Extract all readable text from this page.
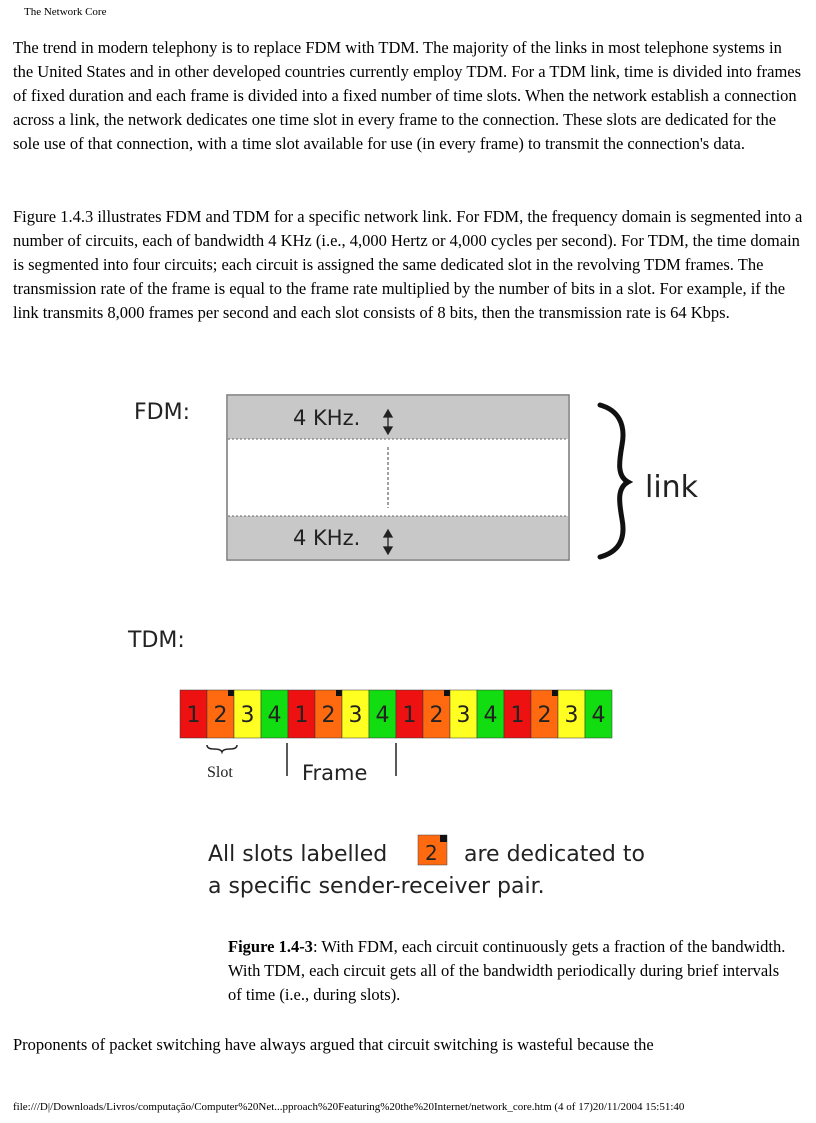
The Network Core

The trend in modern telephony is to replace FDM with TDM. The majority of the links in most telephone systems in the United States and in other developed countries currently employ TDM. For a TDM link, time is divided into frames of fixed duration and each frame is divided into a fixed number of time slots. When the network establish a connection across a link, the network dedicates one time slot in every frame to the connection. These slots are dedicated for the sole use of that connection, with a time slot available for use (in every frame) to transmit the connection's data.

Figure 1.4.3 illustrates FDM and TDM for a specific network link. For FDM, the frequency domain is segmented into a number of circuits, each of bandwidth 4 KHz (i.e., 4,000 Hertz or 4,000 cycles per second). For TDM, the time domain is segmented into four circuits; each circuit is assigned the same dedicated slot in the revolving TDM frames. The transmission rate of the frame is equal to the frame rate multiplied by the number of bits in a slot. For example, if the link transmits 8,000 frames per second and each slot consists of 8 bits, then the transmission rate is 64 Kbps.

FDM:	4 KHz.
4 KHz.
link
TDM:
1 2 3 4 1 2 3 4 1 2 3 4 1 2 3 4
Slot	Frame
All slots labelled 2 are dedicated to
a specific sender-receiver pair.

Figure 1.4-3: With FDM, each circuit continuously gets a fraction of the bandwidth. With TDM, each circuit gets all of the bandwidth periodically during brief intervals of time (i.e., during slots).

Proponents of packet switching have always argued that circuit switching is wasteful because the

file:///D|/Downloads/Livros/computação/Computer%20Net...pproach%20Featuring%20the%20Internet/network_core.htm (4 of 17)20/11/2004 15:51:40
